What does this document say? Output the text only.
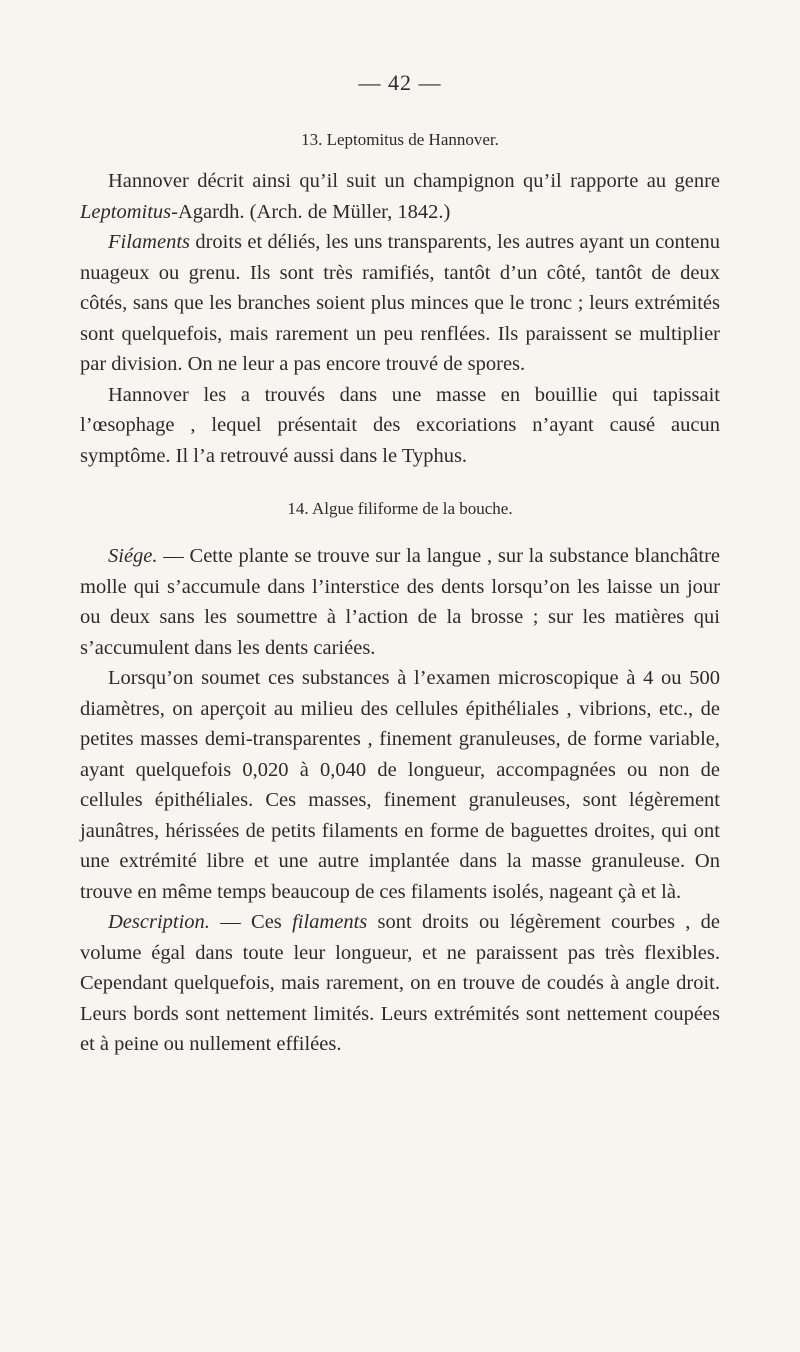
— 42 —
13. Leptomitus de Hannover.

Hannover décrit ainsi qu’il suit un champignon qu’il rapporte au genre Leptomitus-Agardh. (Arch. de Müller, 1842.)

Filaments droits et déliés, les uns transparents, les autres ayant un contenu nuageux ou grenu. Ils sont très ramifiés, tantôt d’un côté, tantôt de deux côtés, sans que les branches soient plus minces que le tronc ; leurs extrémités sont quelquefois, mais rarement un peu renflées. Ils paraissent se multiplier par division. On ne leur a pas encore trouvé de spores.

Hannover les a trouvés dans une masse en bouillie qui tapissait l’œsophage , lequel présentait des excoriations n’ayant causé aucun symptôme. Il l’a retrouvé aussi dans le Typhus.

14. Algue filiforme de la bouche.

Siége. — Cette plante se trouve sur la langue , sur la substance blanchâtre molle qui s’accumule dans l’interstice des dents lorsqu’on les laisse un jour ou deux sans les soumettre à l’action de la brosse ; sur les matières qui s’accumulent dans les dents cariées.

Lorsqu’on soumet ces substances à l’examen microscopique à 4 ou 500 diamètres, on aperçoit au milieu des cellules épithéliales , vibrions, etc., de petites masses demi-transparentes , finement granuleuses, de forme variable, ayant quelquefois 0,020 à 0,040 de longueur, accompagnées ou non de cellules épithéliales. Ces masses, finement granuleuses, sont légèrement jaunâtres, hérissées de petits filaments en forme de baguettes droites, qui ont une extrémité libre et une autre implantée dans la masse granuleuse. On trouve en même temps beaucoup de ces filaments isolés, nageant çà et là.

Description. — Ces filaments sont droits ou légèrement courbes , de volume égal dans toute leur longueur, et ne paraissent pas très flexibles. Cependant quelquefois, mais rarement, on en trouve de coudés à angle droit. Leurs bords sont nettement limités. Leurs extrémités sont nettement coupées et à peine ou nullement effilées.
